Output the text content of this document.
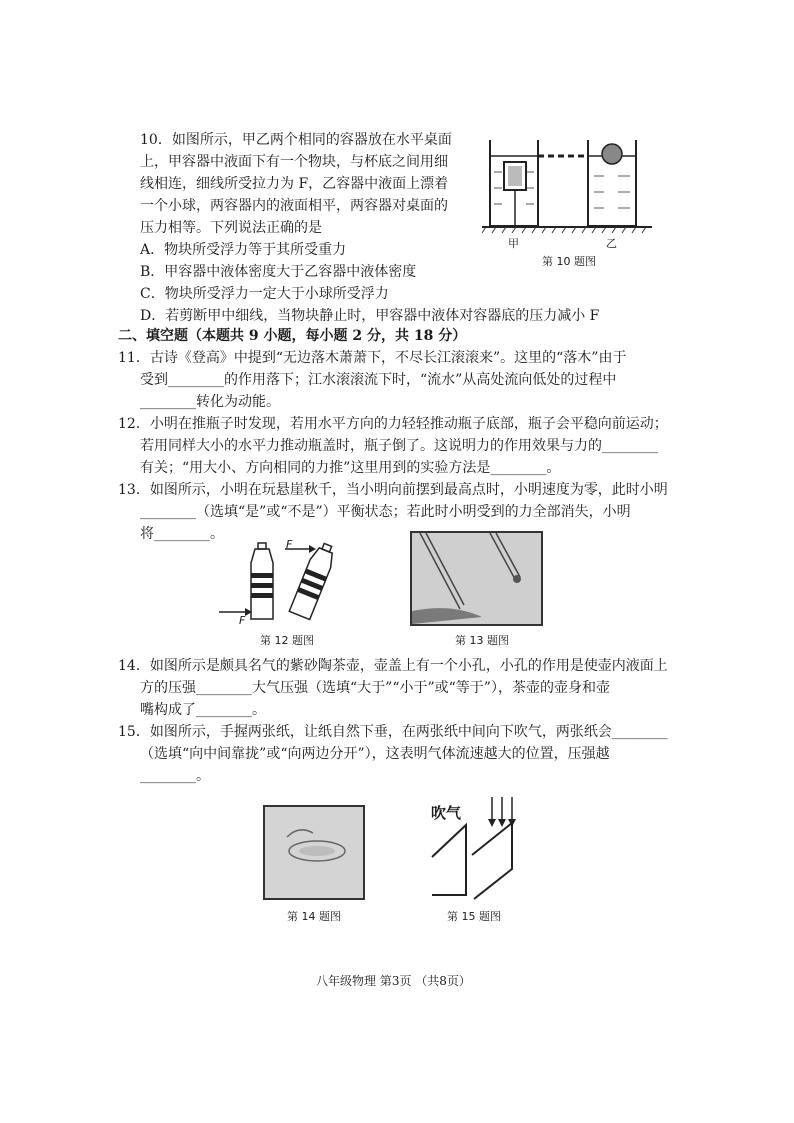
10．如图所示，甲乙两个相同的容器放在水平桌面
上，甲容器中液面下有一个物块，与杯底之间用细
线相连，细线所受拉力为 F，乙容器中液面上漂着
一个小球，两容器内的液面相平，两容器对桌面的
压力相等。下列说法正确的是
A．物块所受浮力等于其所受重力
B．甲容器中液体密度大于乙容器中液体密度
C．物块所受浮力一定大于小球所受浮力
D．若剪断甲中细线，当物块静止时，甲容器中液体对容器底的压力减小 F
甲	乙
第 10 题图
二、填空题（本题共 9 小题，每小题 2 分，共 18 分）
11．古诗《登高》中提到“无边落木萧萧下，不尽长江滚滚来”。这里的“落木”由于
受到________的作用落下；江水滚滚流下时，“流水”从高处流向低处的过程中
________转化为动能。
12．小明在推瓶子时发现，若用水平方向的力轻轻推动瓶子底部，瓶子会平稳向前运动；
若用同样大小的水平力推动瓶盖时，瓶子倒了。这说明力的作用效果与力的________
有关；“用大小、方向相同的力推”这里用到的实验方法是________。
13．如图所示，小明在玩悬崖秋千，当小明向前摆到最高点时，小明速度为零，此时小明
________（选填“是”或“不是”）平衡状态；若此时小明受到的力全部消失，小明
将________。
F
F
第 12 题图	第 13 题图
14．如图所示是颇具名气的紫砂陶茶壶，壶盖上有一个小孔，小孔的作用是使壶内液面上
方的压强________大气压强（选填“大于”“小于”或“等于”），茶壶的壶身和壶
嘴构成了________。
15．如图所示，手握两张纸，让纸自然下垂，在两张纸中间向下吹气，两张纸会________
（选填“向中间靠拢”或“向两边分开”），这表明气体流速越大的位置，压强越
________。
第 14 题图
吹气
第 15 题图
八年级物理 第3页 （共8页）
